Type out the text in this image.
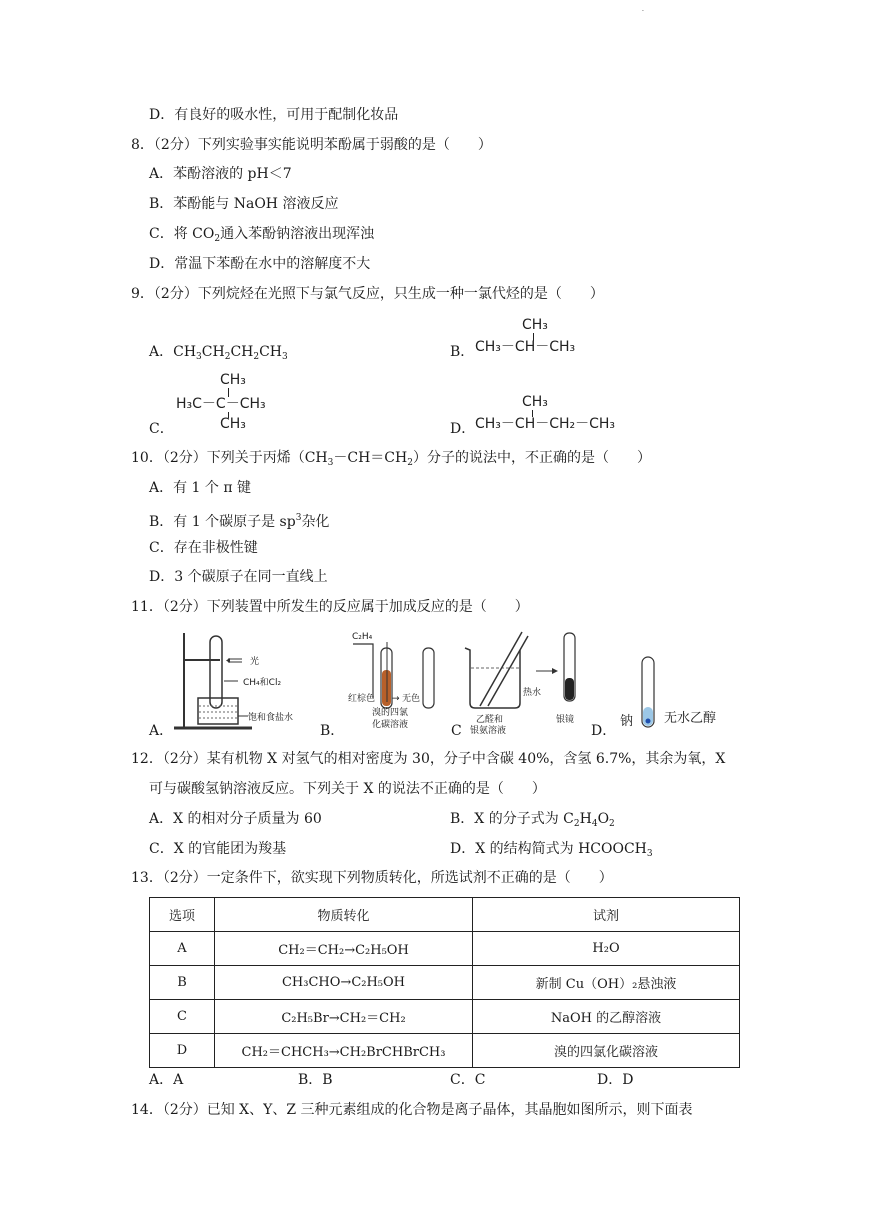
·
D．有良好的吸水性，可用于配制化妆品
8．（2分）下列实验事实能说明苯酚属于弱酸的是（　　）
A．苯酚溶液的 pH＜7
B．苯酚能与 NaOH 溶液反应
C．将 $CO_2$通入苯酚钠溶液出现浑浊
D．常温下苯酚在水中的溶解度不大
9．（2分）下列烷烃在光照下与氯气反应，只生成一种一氯代烃的是（　　）
A．$CH_3CH_2CH_2CH_3$	B．
CH₃
CH₃－CH－CH₃
C．
CH₃
H₃C－C－CH₃
CH₃	D．
CH₃
CH₃－CH－CH₂－CH₃
10．（2分）下列关于丙烯$(CH_3-CH=CH_2)$分子的说法中，不正确的是（　　）
A．有 1 个 π 键
B．有 1 个碳原子是 $sp^3$杂化
C．存在非极性键
D．3 个碳原子在同一直线上
11．（2分）下列装置中所发生的反应属于加成反应的是（　　）
A．
光
CH₄和Cl₂
饱和食盐水
B．
C₂H₄
红棕色 → 无色
溴的四氯
化碳溶液	C
热水
乙醛和
银氨溶液
银镜
D．
钠 无水乙醇
12．（2分）某有机物 X 对氢气的相对密度为 30，分子中含碳 40%，含氢 6.7%，其余为氧，X
可与碳酸氢钠溶液反应。下列关于 X 的说法不正确的是（　　）
A．X 的相对分子质量为 60	B．X 的分子式为 $C_2H_4O_2$
C．X 的官能团为羧基	D．X 的结构简式为 $HCOOCH_3$
13．（2分）一定条件下，欲实现下列物质转化，所选试剂不正确的是（　　）
选项	物质转化	试剂
A	CH₂＝CH₂→C₂H₅OH	H₂O
B	CH₃CHO→C₂H₅OH	新制 Cu（OH）₂悬浊液
C	C₂H₅Br→CH₂＝CH₂	NaOH 的乙醇溶液
D	CH₂＝CHCH₃→CH₂BrCHBrCH₃	溴的四氯化碳溶液
A．A	B．B	C．C	D．D
14．（2分）已知 X、Y、Z 三种元素组成的化合物是离子晶体，其晶胞如图所示，则下面表
